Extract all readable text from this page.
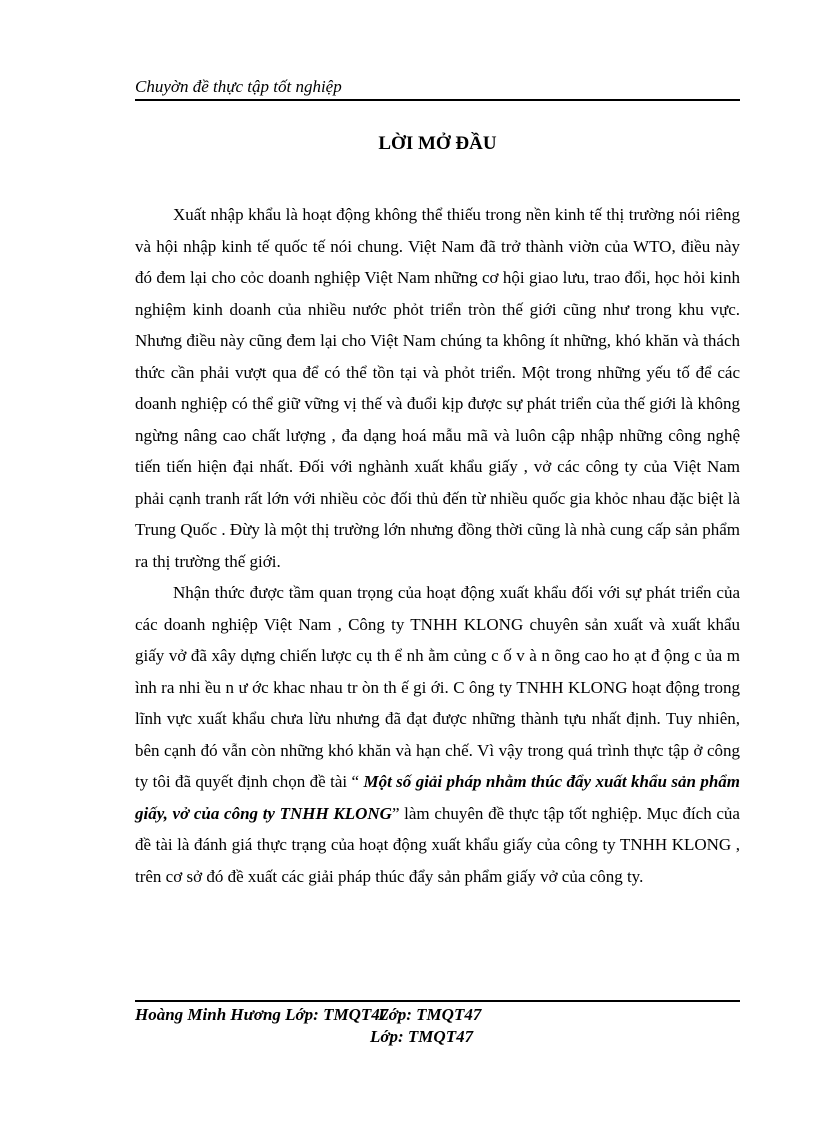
Chuyờn đề thực tập tốt nghiệp
LỜI MỞ ĐẦU

Xuất nhập khẩu là hoạt động không thể thiếu trong nền kinh tế thị trường nói riêng và hội nhập kinh tế quốc tế nói chung. Việt Nam đã trở thành viờn của WTO, điều này đó đem lại cho cỏc doanh nghiệp Việt Nam những cơ hội giao lưu, trao đổi, học hỏi kinh nghiệm kinh doanh của nhiều nước phỏt triển tròn thế giới cũng như trong khu vực. Nhưng điều này cũng đem lại cho Việt Nam chúng ta không ít những, khó khăn và thách thức cần phải vượt qua để có thể tồn tại và phỏt triển. Một trong những yếu tố để các doanh nghiệp có thể giữ vững vị thế và đuổi kịp được sự phát triển của thế giới là không ngừng nâng cao chất lượng , đa dạng hoá mẫu mã và luôn cập nhập những công nghệ tiến tiến hiện đại nhất. Đối với nghành xuất khẩu giấy , vở các công ty của Việt Nam phải cạnh tranh rất lớn với nhiều cỏc đối thủ đến từ nhiều quốc gia khỏc nhau đặc biệt là Trung Quốc . Đừy là một thị trường lớn nhưng đồng thời cũng là nhà cung cấp sản phẩm ra thị trường thế giới.

Nhận thức được tầm quan trọng của hoạt động xuất khẩu đối với sự phát triển của các doanh nghiệp Việt Nam , Công ty TNHH KLONG chuyên sản xuất và xuất khẩu giấy vở đã xây dựng chiến lược cụ th ể nh ằm củng c ố v à n õng cao ho ạt đ ộng c ủa m ình ra nhi ều n ư ớc khac nhau tr òn th ế gi ới. C ông ty TNHH KLONG hoạt động trong lĩnh vực xuất khẩu chưa lừu nhưng đã đạt được những thành tựu nhất định. Tuy nhiên, bên cạnh đó vẫn còn những khó khăn và hạn chế. Vì vậy trong quá trình thực tập ở công ty tôi đã quyết định chọn đề tài “ Một số giải pháp nhằm thúc đẩy xuất khẩu sản phẩm giấy, vở của công ty TNHH KLONG” làm chuyên đề thực tập tốt nghiệp. Mục đích của đề tài là đánh giá thực trạng của hoạt động xuất khẩu giấy của công ty TNHH KLONG , trên cơ sở đó đề xuất các giải pháp thúc đẩy sản phẩm giấy vở của công ty.

Hoàng Minh Hương Lớp: TMQT47Lớp: TMQT47
Lớp: TMQT47
